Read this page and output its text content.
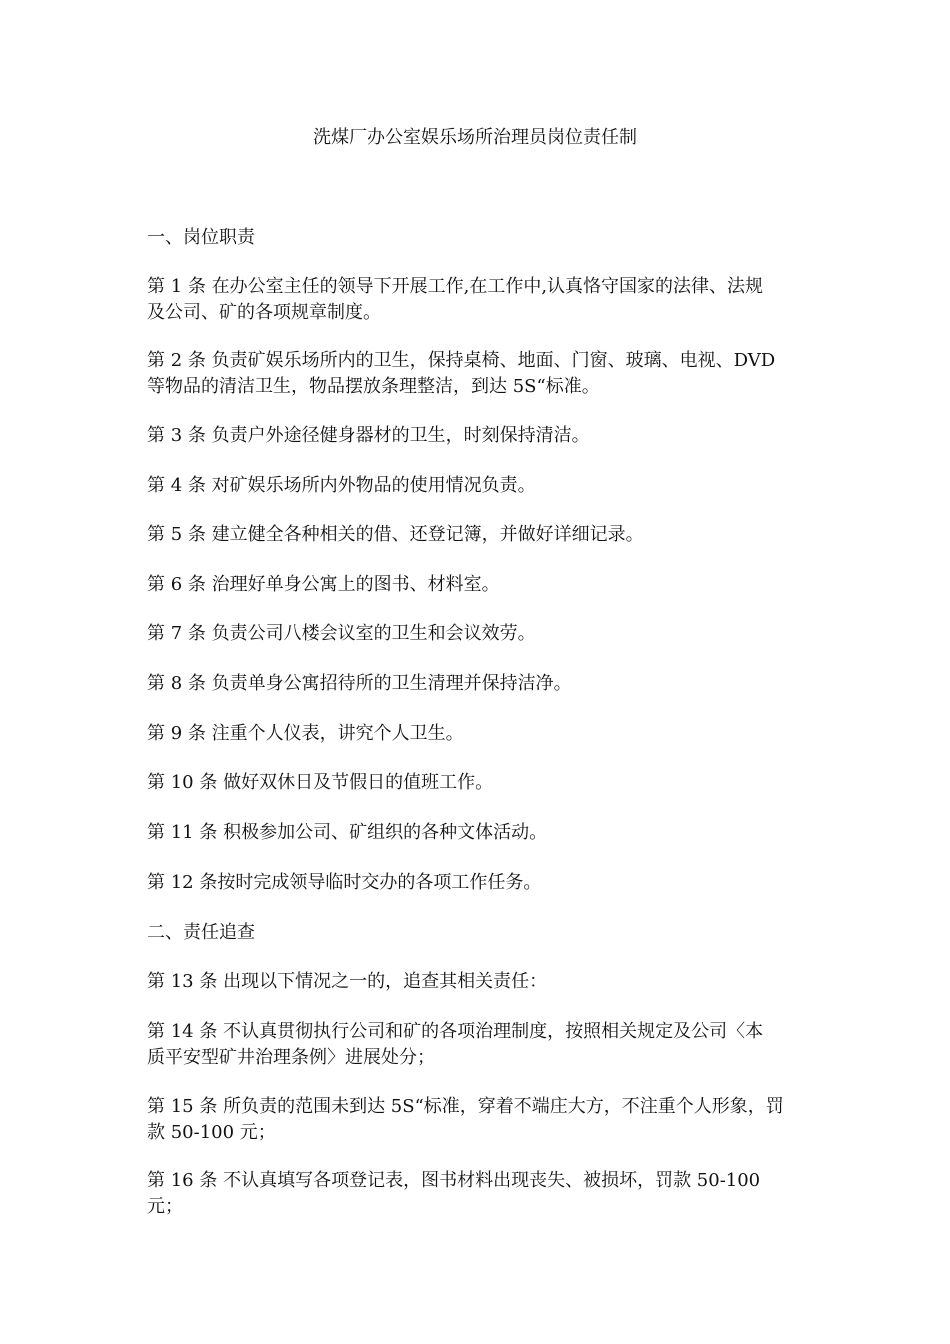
洗煤厂办公室娱乐场所治理员岗位责任制
一、岗位职责
第 1 条 在办公室主任的领导下开展工作,在工作中,认真恪守国家的法律、法规
及公司、矿的各项规章制度。
第 2 条 负责矿娱乐场所内的卫生，保持桌椅、地面、门窗、玻璃、电视、DVD
等物品的清洁卫生，物品摆放条理整洁，到达 5S“标准。
第 3 条 负责户外途径健身器材的卫生，时刻保持清洁。
第 4 条 对矿娱乐场所内外物品的使用情况负责。
第 5 条 建立健全各种相关的借、还登记簿，并做好详细记录。
第 6 条 治理好单身公寓上的图书、材料室。
第 7 条 负责公司八楼会议室的卫生和会议效劳。
第 8 条 负责单身公寓招待所的卫生清理并保持洁净。
第 9 条 注重个人仪表，讲究个人卫生。
第 10 条 做好双休日及节假日的值班工作。
第 11 条 积极参加公司、矿组织的各种文体活动。
第 12 条按时完成领导临时交办的各项工作任务。
二、责任追查
第 13 条 出现以下情况之一的，追查其相关责任：
第 14 条 不认真贯彻执行公司和矿的各项治理制度，按照相关规定及公司〈本
质平安型矿井治理条例〉进展处分；
第 15 条 所负责的范围未到达 5S“标准，穿着不端庄大方，不注重个人形象，罚
款 50-100 元；
第 16 条 不认真填写各项登记表，图书材料出现丧失、被损坏，罚款 50-100
元；
